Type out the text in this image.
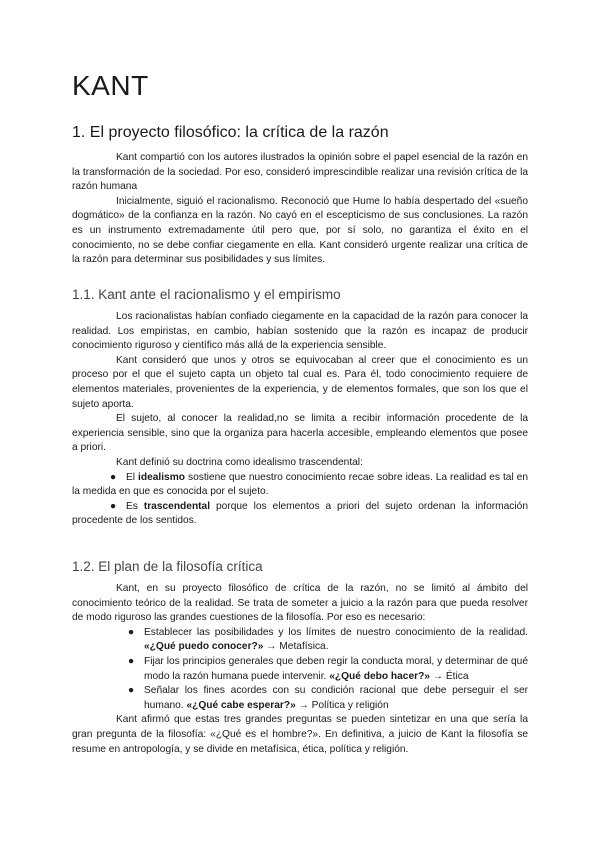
KANT
1. El proyecto filosófico: la crítica de la razón

Kant compartió con los autores ilustrados la opinión sobre el papel esencial de la razón en la transformación de la sociedad. Por eso, consideró imprescindible realizar una revisión crítica de la razón humana

Inicialmente, siguió el racionalismo. Reconoció que Hume lo había despertado del «sueño dogmático» de la confianza en la razón. No cayó en el escepticismo de sus conclusiones. La razón es un instrumento extremadamente útil pero que, por sí solo, no garantiza el éxito en el conocimiento, no se debe confiar ciegamente en ella. Kant consideró urgente realizar una crítica de la razón para determinar sus posibilidades y sus límites.

1.1. Kant ante el racionalismo y el empirismo

Los racionalistas habían confiado ciegamente en la capacidad de la razón para conocer la realidad. Los empiristas, en cambio, habían sostenido que la razón es incapaz de producir conocimiento riguroso y científico más allá de la experiencia sensible.

Kant consideró que unos y otros se equivocaban al creer que el conocimiento es un proceso por el que el sujeto capta un objeto tal cual es. Para él, todo conocimiento requiere de elementos materiales, provenientes de la experiencia, y de elementos formales, que son los que el sujeto aporta.

El sujeto, al conocer la realidad,no se limita a recibir información procedente de la experiencia sensible, sino que la organiza para hacerla accesible, empleando elementos que posee a priori.

Kant definió su doctrina como idealismo trascendental:

● El idealismo sostiene que nuestro conocimiento recae sobre ideas. La realidad es tal en la medida en que es conocida por el sujeto.
● Es trascendental porque los elementos a priori del sujeto ordenan la información procedente de los sentidos.
1.2. El plan de la filosofía crítica

Kant, en su proyecto filosófico de crítica de la razón, no se limitó al ámbito del conocimiento teórico de la realidad. Se trata de someter a juicio a la razón para que pueda resolver de modo riguroso las grandes cuestiones de la filosofía. Por eso es necesario:

● Establecer las posibilidades y los límites de nuestro conocimiento de la realidad. «¿Qué puedo conocer?» → Metafísica.
● Fijar los principios generales que deben regir la conducta moral, y determinar de qué modo la razón humana puede intervenir. «¿Qué debo hacer?» → Ética
● Señalar los fines acordes con su condición racional que debe perseguir el ser humano. «¿Qué cabe esperar?» → Política y religión

Kant afirmó que estas tres grandes preguntas se pueden sintetizar en una que sería la gran pregunta de la filosofía: «¿Qué es el hombre?». En definitiva, a juicio de Kant la filosofía se resume en antropología, y se divide en metafísica, ética, política y religión.
